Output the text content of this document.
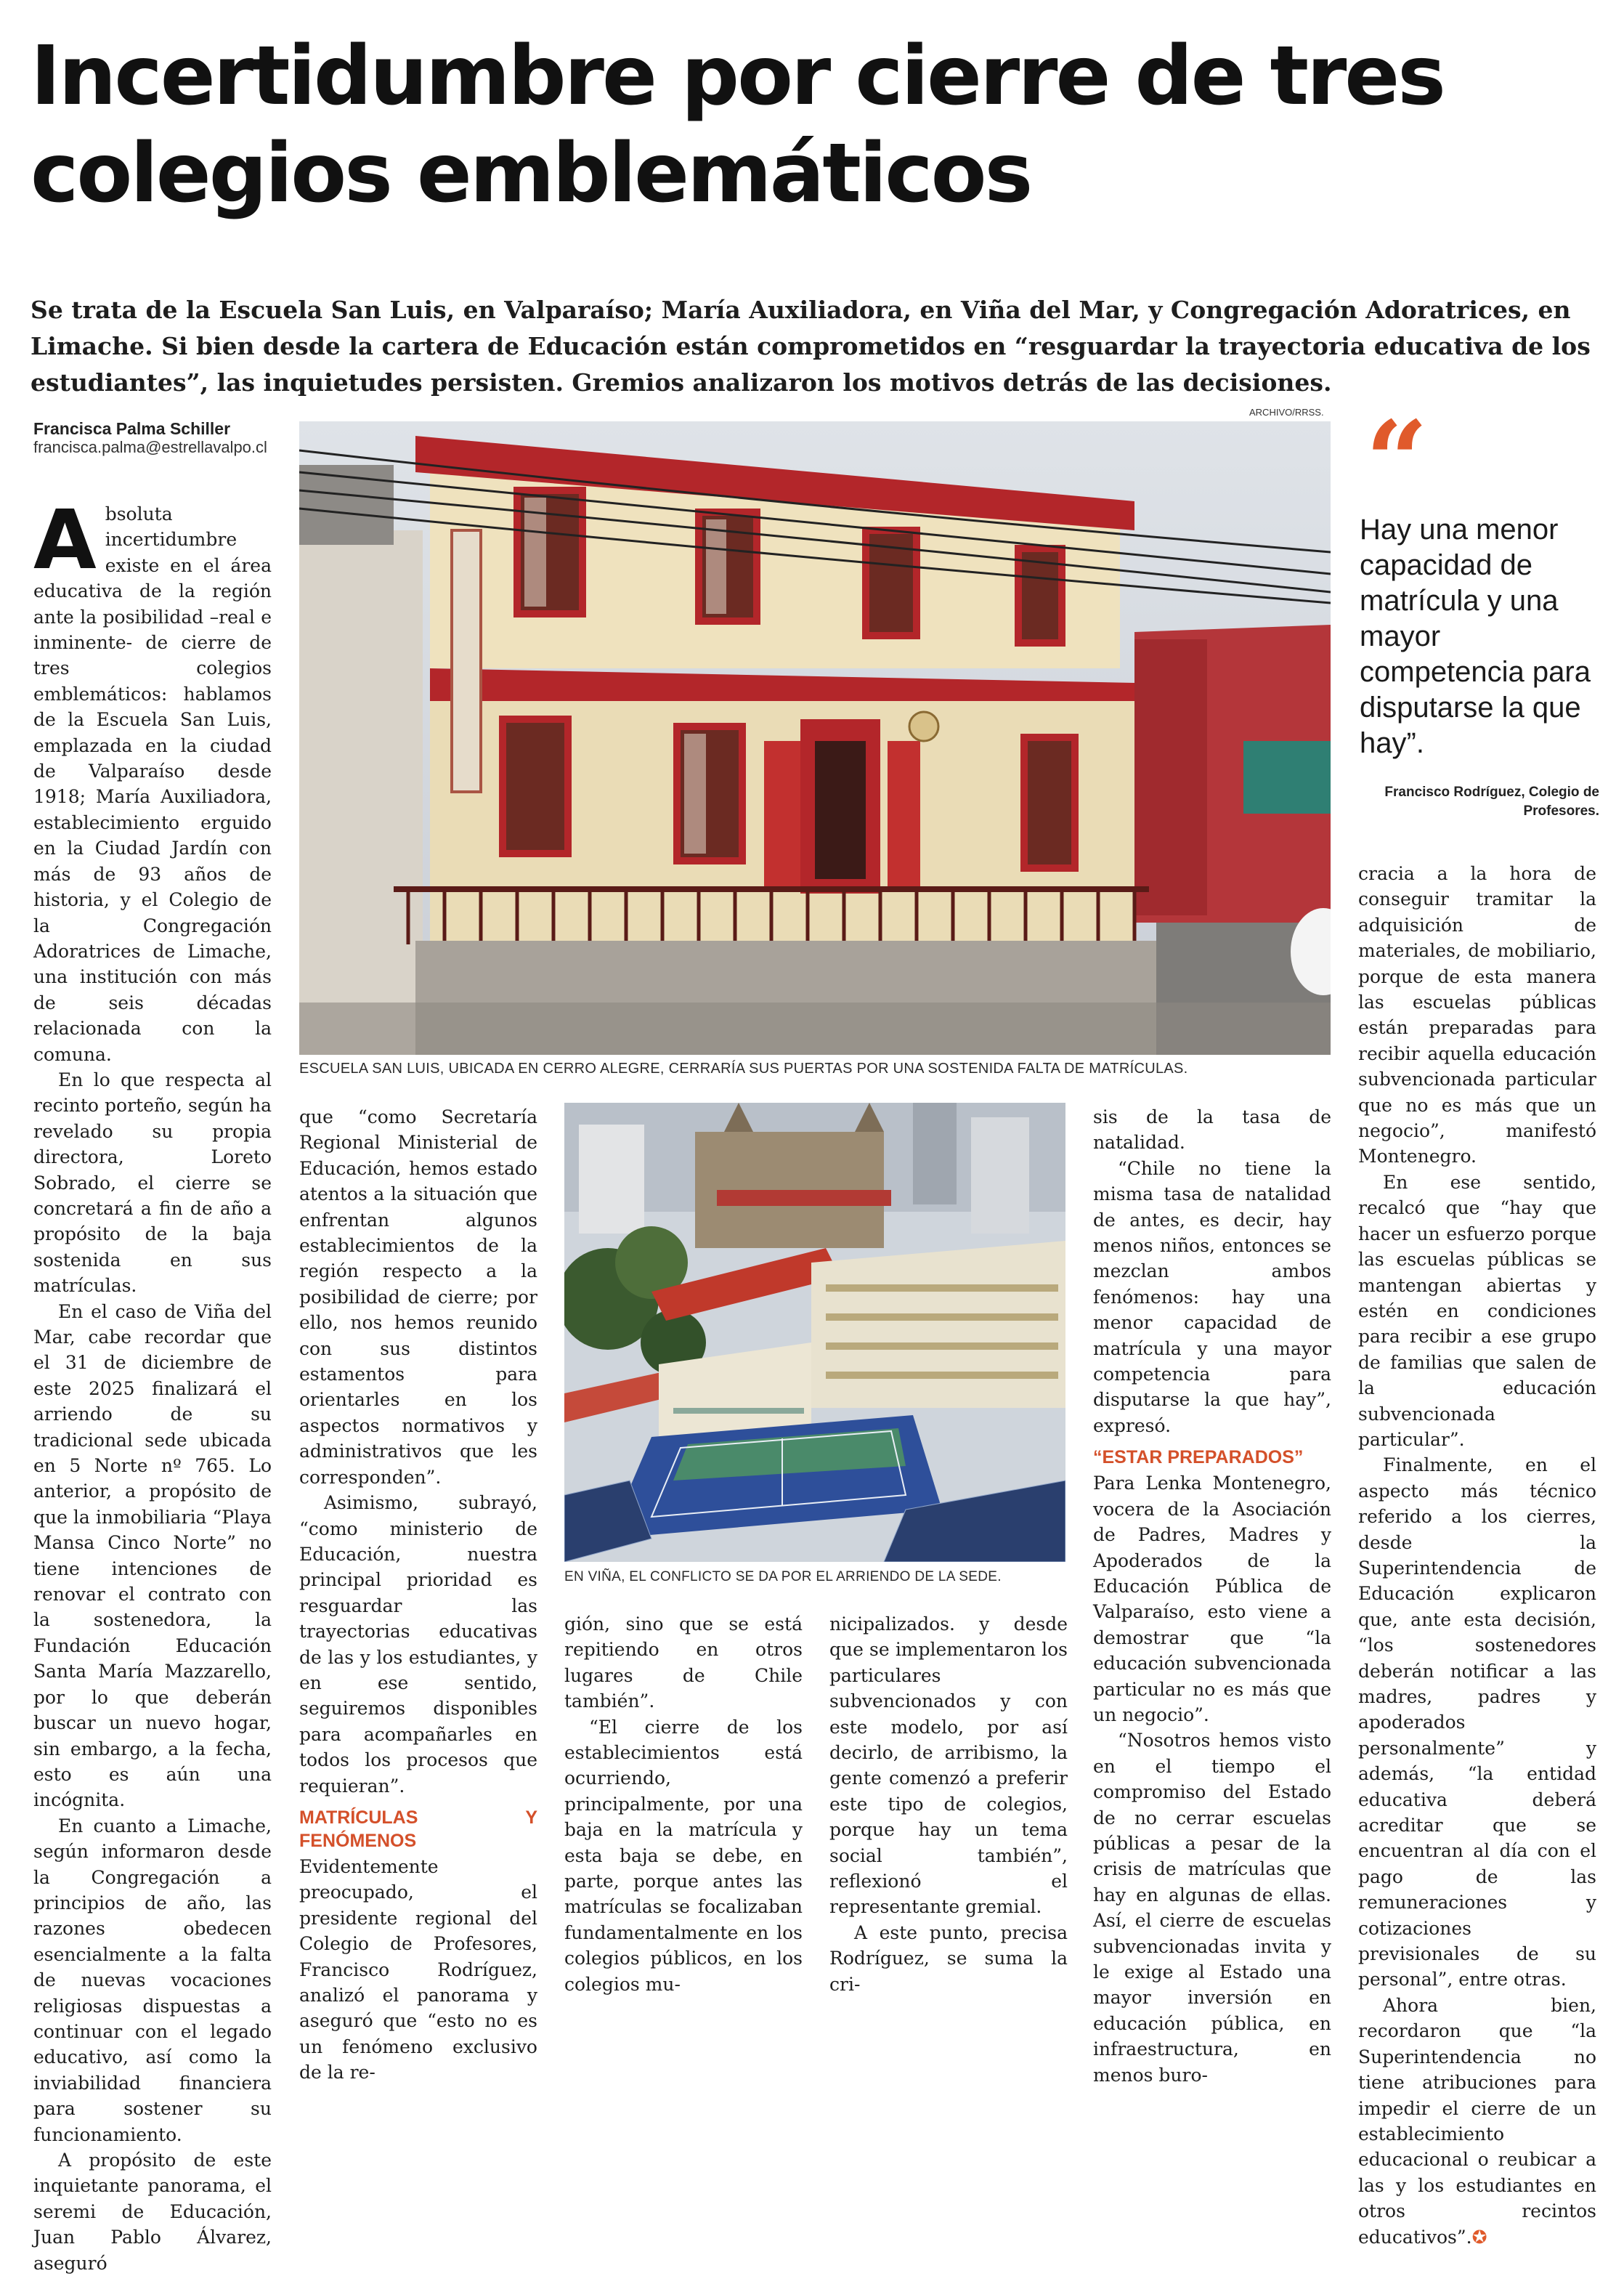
Incertidumbre por cierre de tres
colegios emblemáticos

Se trata de la Escuela San Luis, en Valparaíso; María Auxiliadora, en Viña del Mar, y Congregación Adoratrices, en Limache. Si bien desde la cartera de Educación están comprometidos en “resguardar la trayectoria educativa de los estudiantes”, las inquietudes persisten. Gremios analizaron los motivos detrás de las decisiones.

Francisca Palma Schiller
francisca.palma@estrellavalpo.cl
ARCHIVO/RRSS.
ESCUELA SAN LUIS, UBICADA EN CERRO ALEGRE, CERRARÍA SUS PUERTAS POR UNA SOSTENIDA FALTA DE MATRÍCULAS.
EN VIÑA, EL CONFLICTO SE DA POR EL ARRIENDO DE LA SEDE.
“
Hay una menor capacidad de matrícula y una mayor competencia para disputarse la que hay”.
Francisco Rodríguez, Colegio de Profesores.

Absoluta incertidumbre existe en el área educativa de la región ante la posibilidad –real e inminente- de cierre de tres colegios emblemáticos: hablamos de la Escuela San Luis, emplazada en la ciudad de Valparaíso desde 1918; María Auxiliadora, establecimiento erguido en la Ciudad Jardín con más de 93 años de historia, y el Colegio de la Congregación Adoratrices de Limache, una institución con más de seis décadas relacionada con la comuna.

En lo que respecta al recinto porteño, según ha revelado su propia directora, Loreto Sobrado, el cierre se concretará a fin de año a propósito de la baja sostenida en sus matrículas.

En el caso de Viña del Mar, cabe recordar que el 31 de diciembre de este 2025 finalizará el arriendo de su tradicional sede ubicada en 5 Norte nº 765. Lo anterior, a propósito de que la inmobiliaria “Playa Mansa Cinco Norte” no tiene intenciones de renovar el contrato con la sostenedora, la Fundación Educación Santa María Mazzarello, por lo que deberán buscar un nuevo hogar, sin embargo, a la fecha, esto es aún una incógnita.

En cuanto a Limache, según informaron desde la Congregación a principios de año, las razones obedecen esencialmente a la falta de nuevas vocaciones religiosas dispuestas a continuar con el legado educativo, así como la inviabilidad financiera para sostener su funcionamiento.

A propósito de este inquietante panorama, el seremi de Educación, Juan Pablo Álvarez, aseguró

que “como Secretaría Regional Ministerial de Educación, hemos estado atentos a la situación que enfrentan algunos establecimientos de la región respecto a la posibilidad de cierre; por ello, nos hemos reunido con sus distintos estamentos para orientarles en los aspectos normativos y administrativos que les corresponden”.

Asimismo, subrayó, “como ministerio de Educación, nuestra principal prioridad es resguardar las trayectorias educativas de las y los estudiantes, y en ese sentido, seguiremos disponibles para acompañarles en todos los procesos que requieran”.

MATRÍCULAS Y FENÓMENOS

Evidentemente preocupado, el presidente regional del Colegio de Profesores, Francisco Rodríguez, analizó el panorama y aseguró que “esto no es un fenómeno exclusivo de la re-

gión, sino que se está repitiendo en otros lugares de Chile también”.

“El cierre de los establecimientos está ocurriendo, principalmente, por una baja en la matrícula y esta baja se debe, en parte, porque antes las matrículas se focalizaban fundamentalmente en los colegios públicos, en los colegios mu-

nicipalizados. y desde que se implementaron los particulares subvencionados y con este modelo, por así decirlo, de arribismo, la gente comenzó a preferir este tipo de colegios, porque hay un tema social también”, reflexionó el representante gremial.

A este punto, precisa Rodríguez, se suma la cri-

sis de la tasa de natalidad.

“Chile no tiene la misma tasa de natalidad de antes, es decir, hay menos niños, entonces se mezclan ambos fenómenos: hay una menor capacidad de matrícula y una mayor competencia para disputarse la que hay”, expresó.

“ESTAR PREPARADOS”

Para Lenka Montenegro, vocera de la Asociación de Padres, Madres y Apoderados de la Educación Pública de Valparaíso, esto viene a demostrar que “la educación subvencionada particular no es más que un negocio”.

“Nosotros hemos visto en el tiempo el compromiso del Estado de no cerrar escuelas públicas a pesar de la crisis de matrículas que hay en algunas de ellas. Así, el cierre de escuelas subvencionadas invita y le exige al Estado una mayor inversión en educación pública, en infraestructura, en menos buro-

cracia a la hora de conseguir tramitar la adquisición de materiales, de mobiliario, porque de esta manera las escuelas públicas están preparadas para recibir aquella educación subvencionada particular que no es más que un negocio”, manifestó Montenegro.

En ese sentido, recalcó que “hay que hacer un esfuerzo porque las escuelas públicas se mantengan abiertas y estén en condiciones para recibir a ese grupo de familias que salen de la educación subvencionada particular”.

Finalmente, en el aspecto más técnico referido a los cierres, desde la Superintendencia de Educación explicaron que, ante esta decisión, “los sostenedores deberán notificar a las madres, padres y apoderados personalmente” y además, “la entidad educativa deberá acreditar que se encuentran al día con el pago de las remuneraciones y cotizaciones previsionales de su personal”, entre otras.

Ahora bien, recordaron que “la Superintendencia no tiene atribuciones para impedir el cierre de un establecimiento educacional o reubicar a las y los estudiantes en otros recintos educativos”.✪
